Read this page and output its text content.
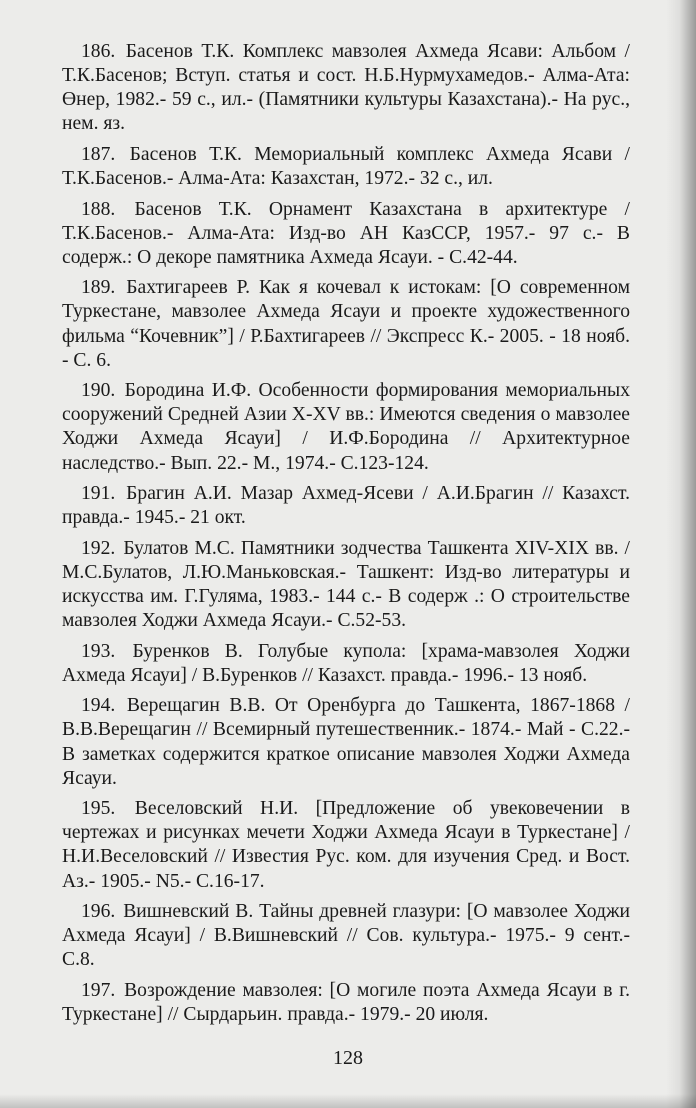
186. Басенов Т.К. Комплекс мавзолея Ахмеда Ясави: Альбом / Т.К.Басенов; Вступ. статья и сост. Н.Б.Нурмухамедов.- Алма-Ата: Өнер, 1982.- 59 с., ил.- (Памятники культуры Казахстана).- На рус., нем. яз.

187. Басенов Т.К. Мемориальный комплекс Ахмеда Ясави / Т.К.Басенов.- Алма-Ата: Казахстан, 1972.- 32 с., ил.

188. Басенов Т.К. Орнамент Казахстана в архитектуре / Т.К.Басенов.- Алма-Ата: Изд-во АН КазССР, 1957.- 97 с.- В содерж.: О декоре памятника Ахмеда Ясауи. - С.42-44.

189. Бахтигареев Р. Как я кочевал к истокам: [О современном Туркестане, мавзолее Ахмеда Ясауи и проекте художественного фильма “Кочевник”] / Р.Бахтигареев // Экспресс К.- 2005. - 18 нояб. - С. 6.

190. Бородина И.Ф. Особенности формирования мемориальных сооружений Средней Азии X-XV вв.: Имеются сведения о мавзолее Ходжи Ахмеда Ясауи] / И.Ф.Бородина // Архитектурное наследство.- Вып. 22.- М., 1974.- С.123-124.

191. Брагин А.И. Мазар Ахмед-Ясеви / А.И.Брагин // Казахст. правда.- 1945.- 21 окт.

192. Булатов М.С. Памятники зодчества Ташкента XIV-XIX вв. / М.С.Булатов, Л.Ю.Маньковская.- Ташкент: Изд-во литературы и искусства им. Г.Гуляма, 1983.- 144 с.- В содерж .: О строительстве мавзолея Ходжи Ахмеда Ясауи.- С.52-53.

193. Буренков В. Голубые купола: [храма-мавзолея Ходжи Ахмеда Ясауи] / В.Буренков // Казахст. правда.- 1996.- 13 нояб.

194. Верещагин В.В. От Оренбурга до Ташкента, 1867-1868 / В.В.Верещагин // Всемирный путешественник.- 1874.- Май - С.22.- В заметках содержится краткое описание мавзолея Ходжи Ахмеда Ясауи.

195. Веселовский Н.И. [Предложение об увековечении в чертежах и рисунках мечети Ходжи Ахмеда Ясауи в Туркестане] / Н.И.Веселовский // Известия Рус. ком. для изучения Сред. и Вост. Аз.- 1905.- N5.- С.16-17.

196. Вишневский В. Тайны древней глазури: [О мавзолее Ходжи Ахмеда Ясауи] / В.Вишневский // Сов. культура.- 1975.- 9 сент.- С.8.

197. Возрождение мавзолея: [О могиле поэта Ахмеда Ясауи в г. Туркестане] // Сырдарьин. правда.- 1979.- 20 июля.

128
